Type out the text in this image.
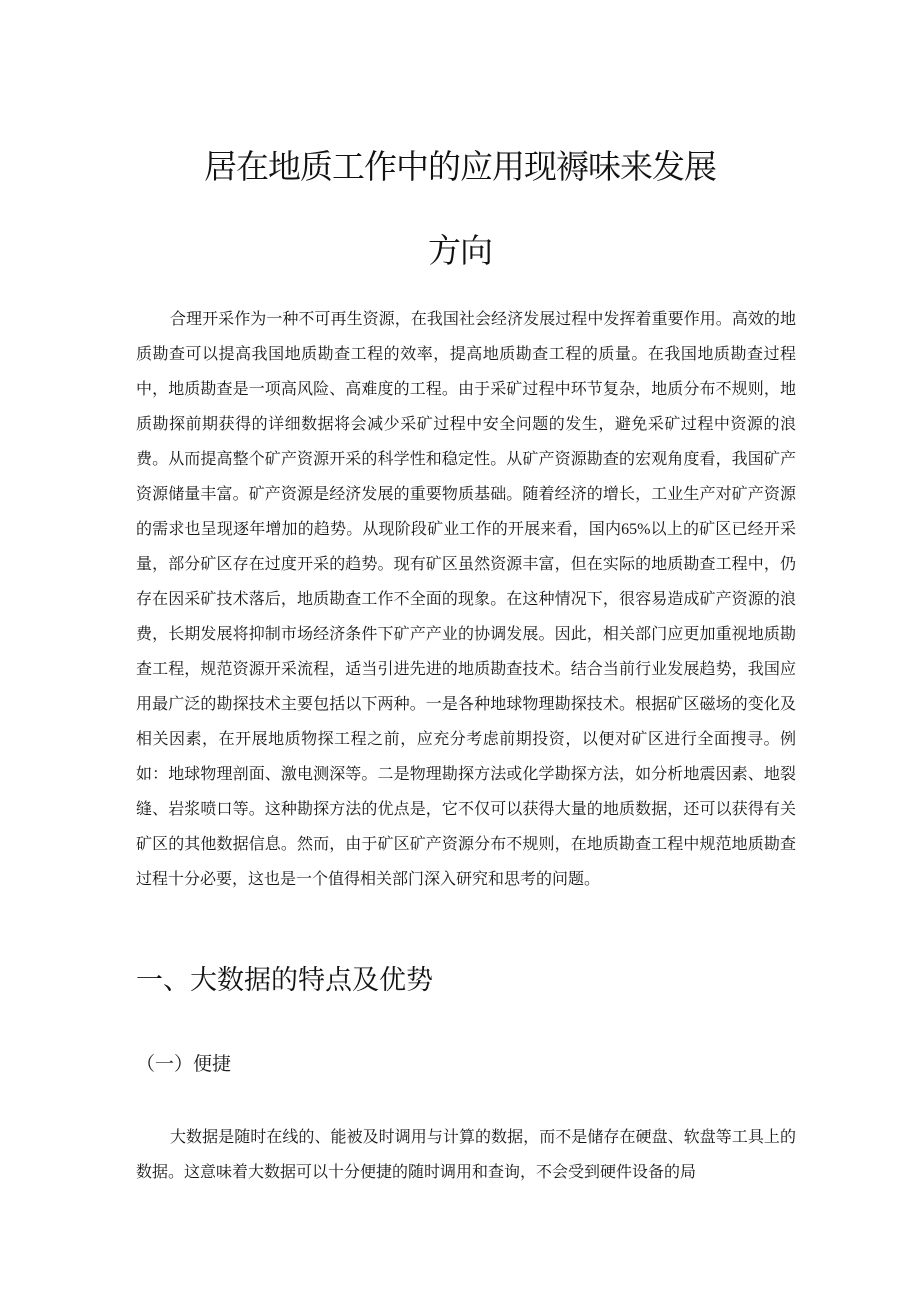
居在地质工作中的应用现褥味来发展
方向

合理开采作为一种不可再生资源，在我国社会经济发展过程中发挥着重要作用。高效的地质勘查可以提高我国地质勘查工程的效率，提高地质勘查工程的质量。在我国地质勘查过程中，地质勘查是一项高风险、高难度的工程。由于采矿过程中环节复杂，地质分布不规则，地质勘探前期获得的详细数据将会减少采矿过程中安全问题的发生，避免采矿过程中资源的浪费。从而提高整个矿产资源开采的科学性和稳定性。从矿产资源勘查的宏观角度看，我国矿产资源储量丰富。矿产资源是经济发展的重要物质基础。随着经济的增长，工业生产对矿产资源的需求也呈现逐年增加的趋势。从现阶段矿业工作的开展来看，国内65%以上的矿区已经开采量，部分矿区存在过度开采的趋势。现有矿区虽然资源丰富，但在实际的地质勘查工程中，仍存在因采矿技术落后，地质勘查工作不全面的现象。在这种情况下，很容易造成矿产资源的浪费，长期发展将抑制市场经济条件下矿产产业的协调发展。因此，相关部门应更加重视地质勘查工程，规范资源开采流程，适当引进先进的地质勘查技术。结合当前行业发展趋势，我国应用最广泛的勘探技术主要包括以下两种。一是各种地球物理勘探技术。根据矿区磁场的变化及相关因素，在开展地质物探工程之前，应充分考虑前期投资，以便对矿区进行全面搜寻。例如：地球物理剖面、激电测深等。二是物理勘探方法或化学勘探方法，如分析地震因素、地裂缝、岩浆喷口等。这种勘探方法的优点是，它不仅可以获得大量的地质数据，还可以获得有关矿区的其他数据信息。然而，由于矿区矿产资源分布不规则，在地质勘查工程中规范地质勘查过程十分必要，这也是一个值得相关部门深入研究和思考的问题。

一、大数据的特点及优势
（一）便捷

大数据是随时在线的、能被及时调用与计算的数据，而不是储存在硬盘、软盘等工具上的数据。这意味着大数据可以十分便捷的随时调用和查询，不会受到硬件设备的局
